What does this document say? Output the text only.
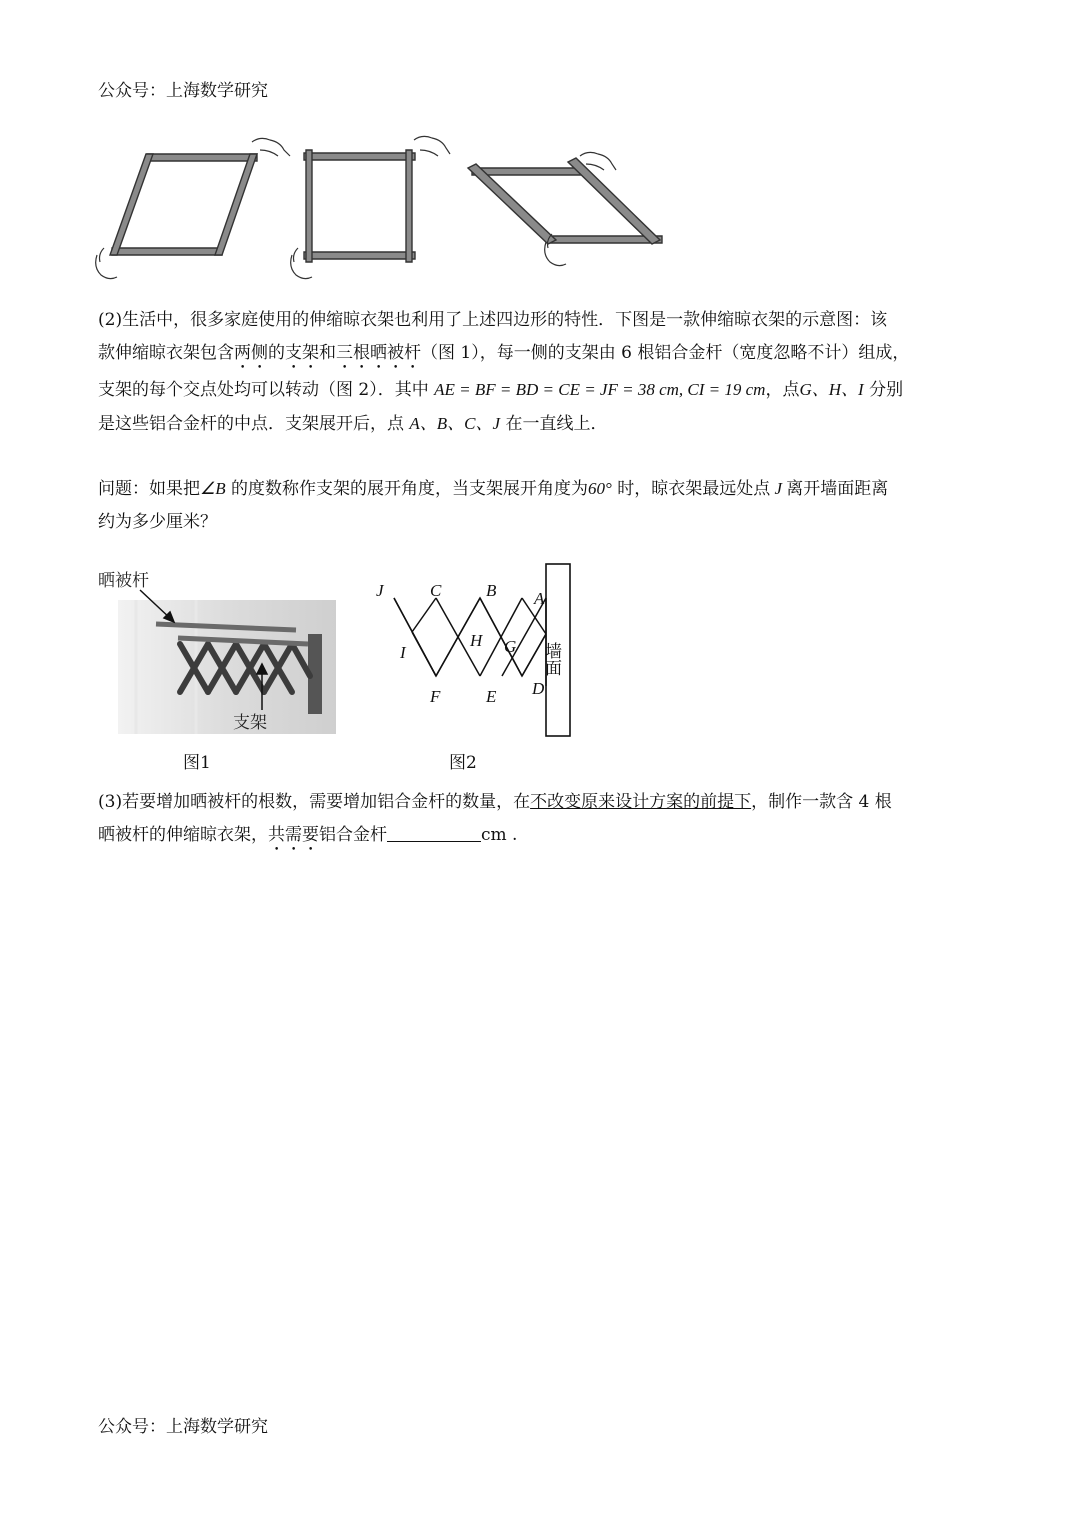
公众号：上海数学研究
(2)生活中，很多家庭使用的伸缩晾衣架也利用了上述四边形的特性．下图是一款伸缩晾衣架的示意图：该
款伸缩晾衣架包含两侧的支架和三根晒被杆（图 1），每一侧的支架由 6 根铝合金杆（宽度忽略不计）组成，
支架的每个交点处均可以转动（图 2）．其中 AE = BF = BD = CE = JF = 38 cm, CI = 19 cm，点G、H、I 分别
是这些铝合金杆的中点．支架展开后，点 A、B、C、J 在一直线上．
问题：如果把∠B 的度数称作支架的展开角度，当支架展开角度为60° 时，晾衣架最远处点 J 离开墙面距离
约为多少厘米？
晒被杆
支架
J	C	B A
I
H G
F	E D
墙面
图1	图2
(3)若要增加晒被杆的根数，需要增加铝合金杆的数量，在不改变原来设计方案的前提下，制作一款含 4 根
晒被杆的伸缩晾衣架，共需要铝合金杆	cm .
公众号：上海数学研究
